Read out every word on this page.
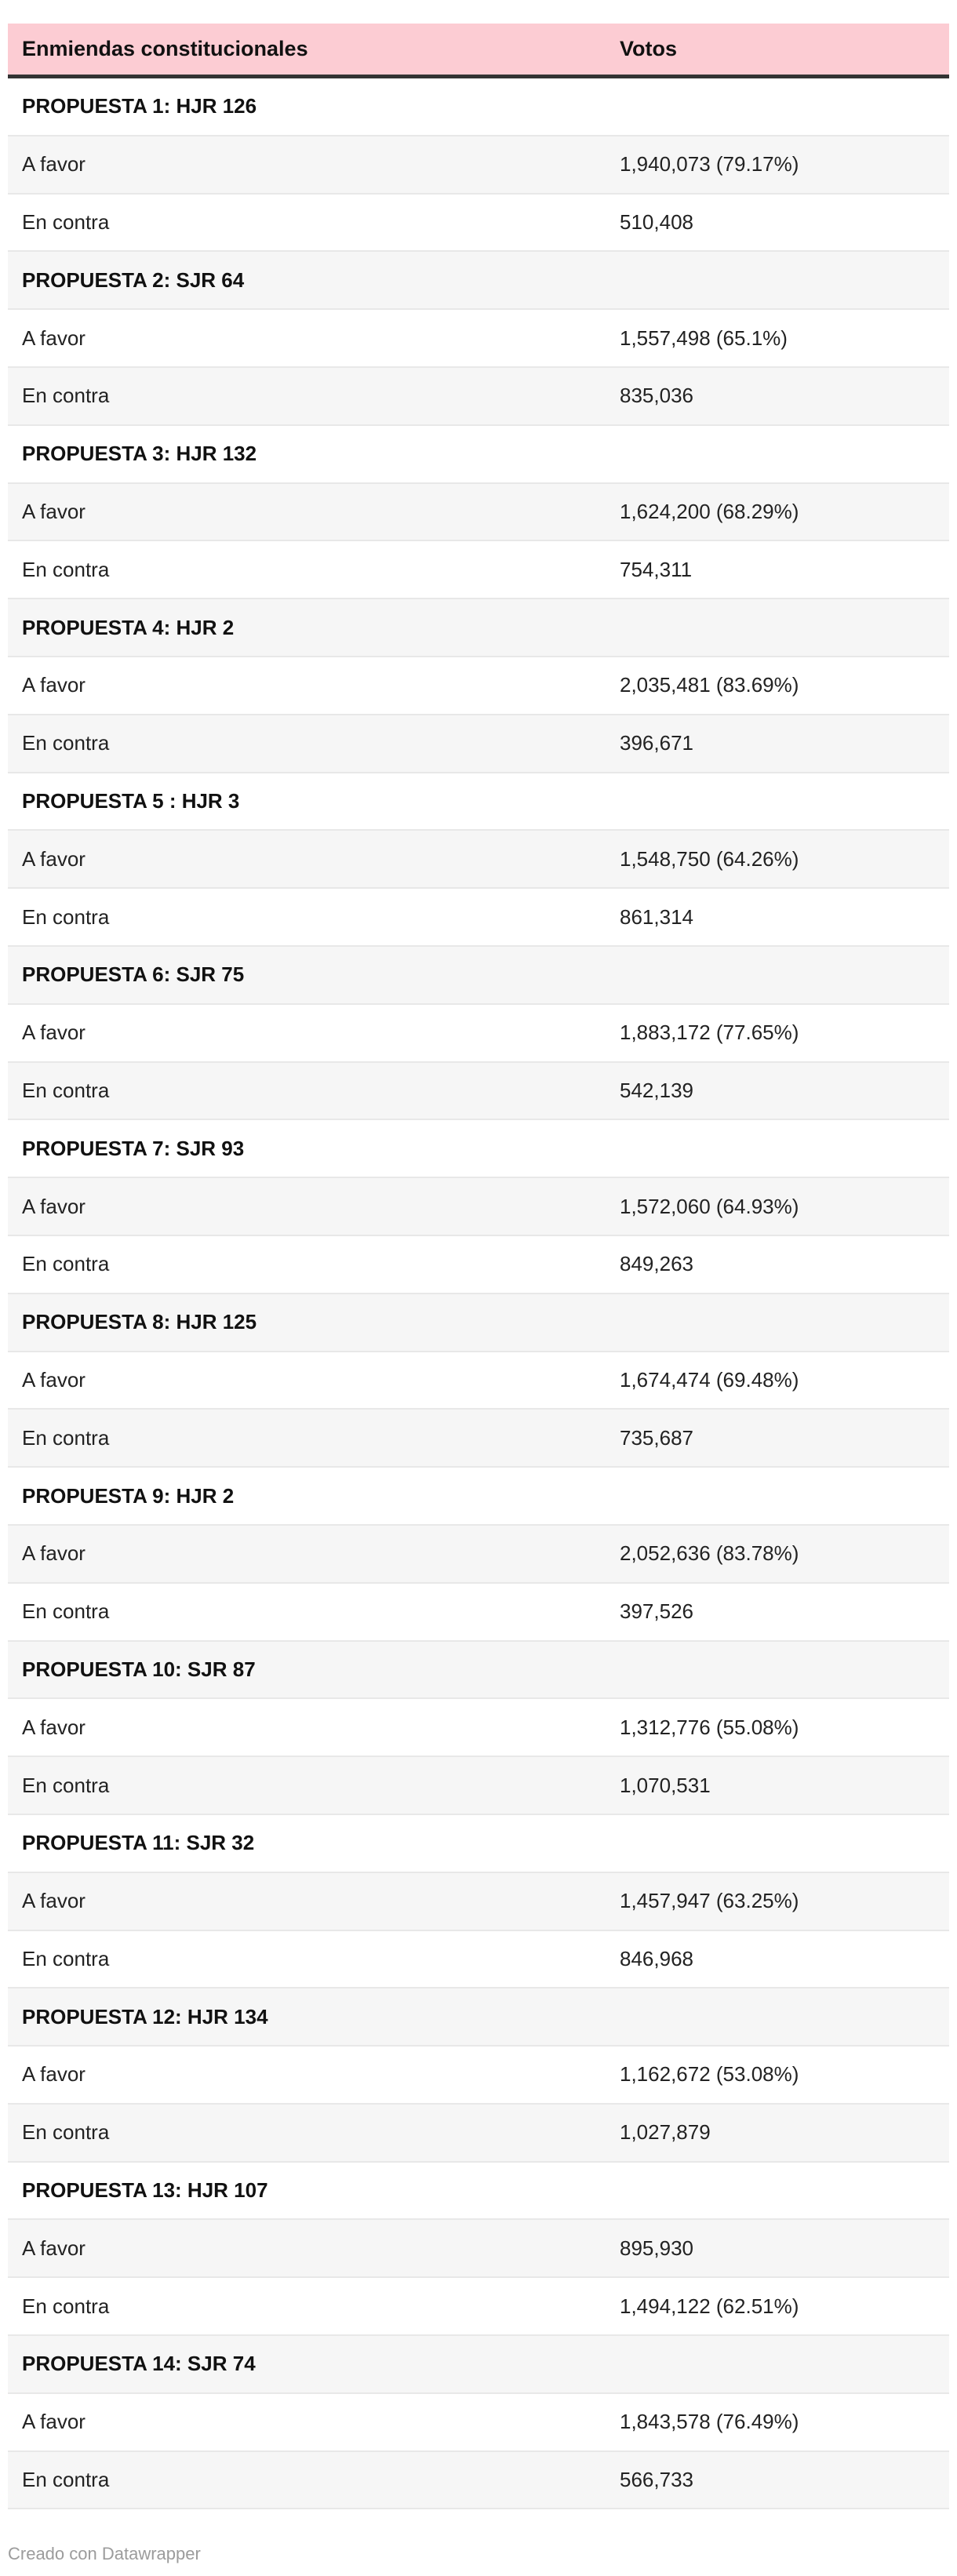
Enmiendas constitucionales	Votos
PROPUESTA 1: HJR 126	
A favor	1,940,073 (79.17%)
En contra	510,408
PROPUESTA 2: SJR 64	
A favor	1,557,498 (65.1%)
En contra	835,036
PROPUESTA 3: HJR 132	
A favor	1,624,200 (68.29%)
En contra	754,311
PROPUESTA 4: HJR 2	
A favor	2,035,481 (83.69%)
En contra	396,671
PROPUESTA 5 : HJR 3	
A favor	1,548,750 (64.26%)
En contra	861,314
PROPUESTA 6: SJR 75	
A favor	1,883,172 (77.65%)
En contra	542,139
PROPUESTA 7: SJR 93	
A favor	1,572,060 (64.93%)
En contra	849,263
PROPUESTA 8: HJR 125	
A favor	1,674,474 (69.48%)
En contra	735,687
PROPUESTA 9: HJR 2	
A favor	2,052,636 (83.78%)
En contra	397,526
PROPUESTA 10: SJR 87	
A favor	1,312,776 (55.08%)
En contra	1,070,531
PROPUESTA 11: SJR 32	
A favor	1,457,947 (63.25%)
En contra	846,968
PROPUESTA 12: HJR 134	
A favor	1,162,672 (53.08%)
En contra	1,027,879
PROPUESTA 13: HJR 107	
A favor	895,930
En contra	1,494,122 (62.51%)
PROPUESTA 14: SJR 74	
A favor	1,843,578 (76.49%)
En contra	566,733
Creado con Datawrapper
